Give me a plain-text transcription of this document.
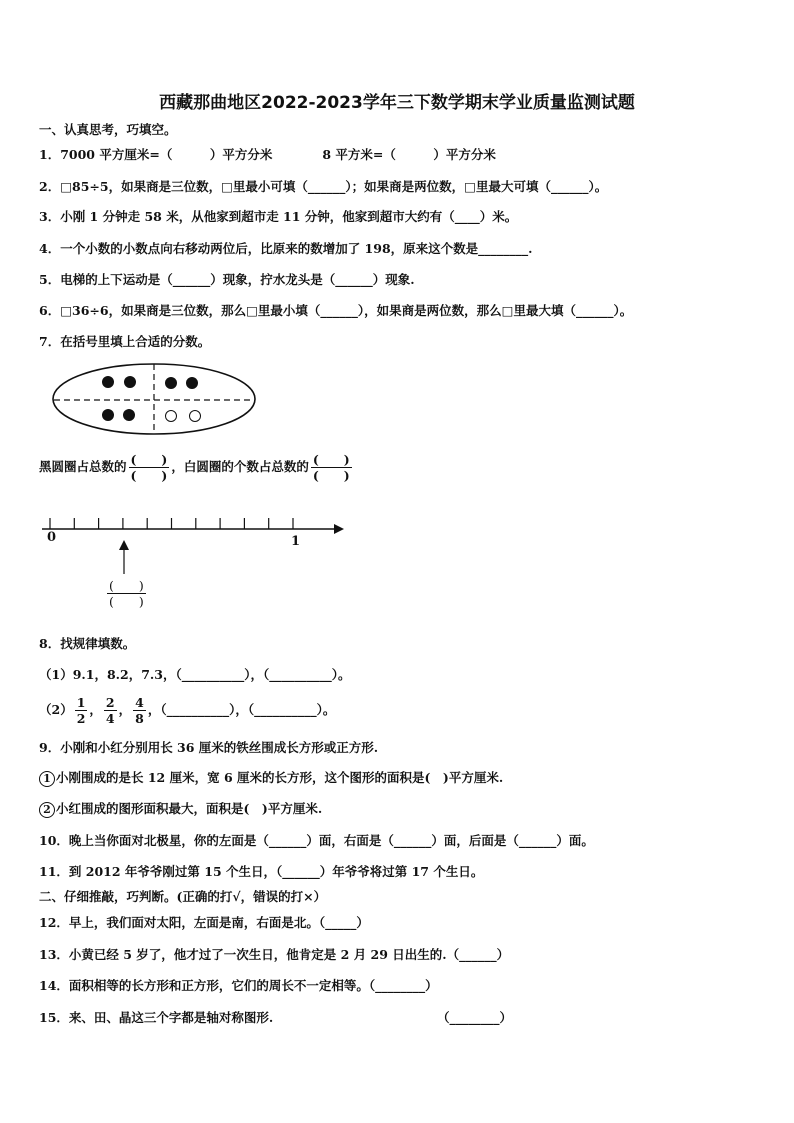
西藏那曲地区2022-2023学年三下数学期末学业质量监测试题
一、认真思考，巧填空。
1．7000 平方厘米=（　　　）平方分米　　　　8 平方米=（　　　）平方分米
2．□85÷5，如果商是三位数，□里最小可填（______）；如果商是两位数，□里最大可填（______）。
3．小刚 1 分钟走 58 米，从他家到超市走 11 分钟，他家到超市大约有（____）米。
4．一个小数的小数点向右移动两位后，比原来的数增加了 198，原来这个数是________.
5．电梯的上下运动是（______）现象，拧水龙头是（______）现象.
6．□36÷6，如果商是三位数，那么□里最小填（______），如果商是两位数，那么□里最大填（______）。
7．在括号里填上合适的分数。
黑圆圈占总数的 $\frac{( )}{( )}$ ，白圆圈的个数占总数的 $\frac{( )}{( )}$
0	1
$\frac{( )}{( )}$
8．找规律填数。
（1）9.1，8.2，7.3，（__________），（__________）。
$(2) \frac{1}{2}$ ， $\frac{2}{4}$ ， $\frac{4}{8}$ ，（__________），（__________）。
9．小刚和小红分别用长 36 厘米的铁丝围成长方形或正方形.
1 小刚围成的是长 12 厘米，宽 6 厘米的长方形，这个图形的面积是(　)平方厘米.
2 小红围成的图形面积最大，面积是(　)平方厘米.
10．晚上当你面对北极星，你的左面是（______）面，右面是（______）面，后面是（______）面。
11．到 2012 年爷爷刚过第 15 个生日，（______）年爷爷将过第 17 个生日。
二、仔细推敲，巧判断。(正确的打√，错误的打×）
12．早上，我们面对太阳，左面是南，右面是北。（_____）
13．小黄已经 5 岁了，他才过了一次生日，他肯定是 2 月 29 日出生的.（______）
14．面积相等的长方形和正方形，它们的周长不一定相等。（________）
15．来、田、晶这三个字都是轴对称图形.	（________）
